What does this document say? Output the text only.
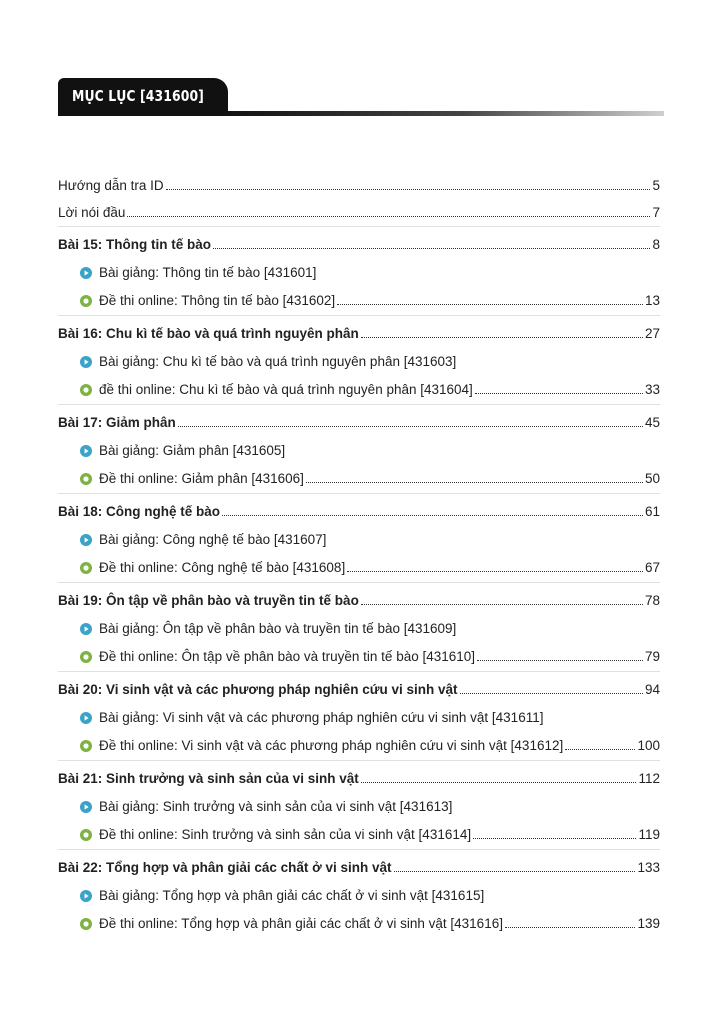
MỤC LỤC [431600]
Hướng dẫn tra ID	5
Lời nói đầu	7
Bài 15: Thông tin tế bào	8
Bài giảng: Thông tin tế bào [431601]
Đề thi online: Thông tin tế bào [431602]	13
Bài 16: Chu kì tế bào và quá trình nguyên phân	27
Bài giảng: Chu kì tế bào và quá trình nguyên phân [431603]
đề thi online: Chu kì tế bào và quá trình nguyên phân [431604]	33
Bài 17: Giảm phân	45
Bài giảng: Giảm phân [431605]
Đề thi online: Giảm phân [431606]	50
Bài 18: Công nghệ tế bào	61
Bài giảng: Công nghệ tế bào [431607]
Đề thi online: Công nghệ tế bào [431608]	67
Bài 19: Ôn tập về phân bào và truyền tin tế bào	78
Bài giảng: Ôn tập về phân bào và truyền tin tế bào [431609]
Đề thi online: Ôn tập về phân bào và truyền tin tế bào [431610]	79
Bài 20: Vi sinh vật và các phương pháp nghiên cứu vi sinh vật	94
Bài giảng: Vi sinh vật và các phương pháp nghiên cứu vi sinh vật [431611]
Đề thi online: Vi sinh vật và các phương pháp nghiên cứu vi sinh vật [431612]	100
Bài 21: Sinh trưởng và sinh sản của vi sinh vật	112
Bài giảng: Sinh trưởng và sinh sản của vi sinh vật [431613]
Đề thi online: Sinh trưởng và sinh sản của vi sinh vật [431614]	119
Bài 22: Tổng hợp và phân giải các chất ở vi sinh vật	133
Bài giảng: Tổng hợp và phân giải các chất ở vi sinh vật [431615]
Đề thi online: Tổng hợp và phân giải các chất ở vi sinh vật [431616]	139
